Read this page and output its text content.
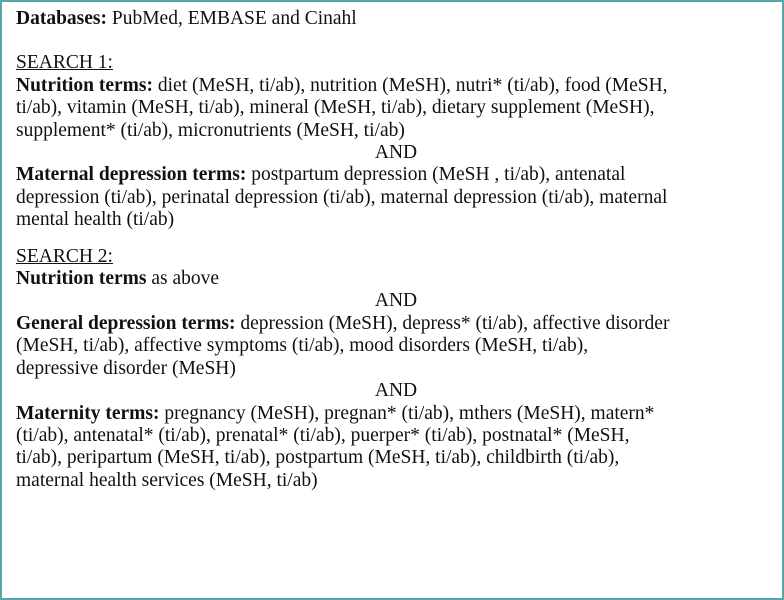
Databases: PubMed, EMBASE and Cinahl
SEARCH 1:
Nutrition terms: diet (MeSH, ti/ab), nutrition (MeSH), nutri* (ti/ab), food (MeSH,
ti/ab), vitamin (MeSH, ti/ab), mineral (MeSH, ti/ab), dietary supplement (MeSH),
supplement* (ti/ab), micronutrients (MeSH, ti/ab)
AND
Maternal depression terms: postpartum depression (MeSH , ti/ab), antenatal
depression (ti/ab), perinatal depression (ti/ab), maternal depression (ti/ab), maternal
mental health (ti/ab)
SEARCH 2:
Nutrition terms as above
AND
General depression terms: depression (MeSH), depress* (ti/ab), affective disorder
(MeSH, ti/ab), affective symptoms (ti/ab), mood disorders (MeSH, ti/ab),
depressive disorder (MeSH)
AND
Maternity terms: pregnancy (MeSH), pregnan* (ti/ab), mthers (MeSH), matern*
(ti/ab), antenatal* (ti/ab), prenatal* (ti/ab), puerper* (ti/ab), postnatal* (MeSH,
ti/ab), peripartum (MeSH, ti/ab), postpartum (MeSH, ti/ab), childbirth (ti/ab),
maternal health services (MeSH, ti/ab)
